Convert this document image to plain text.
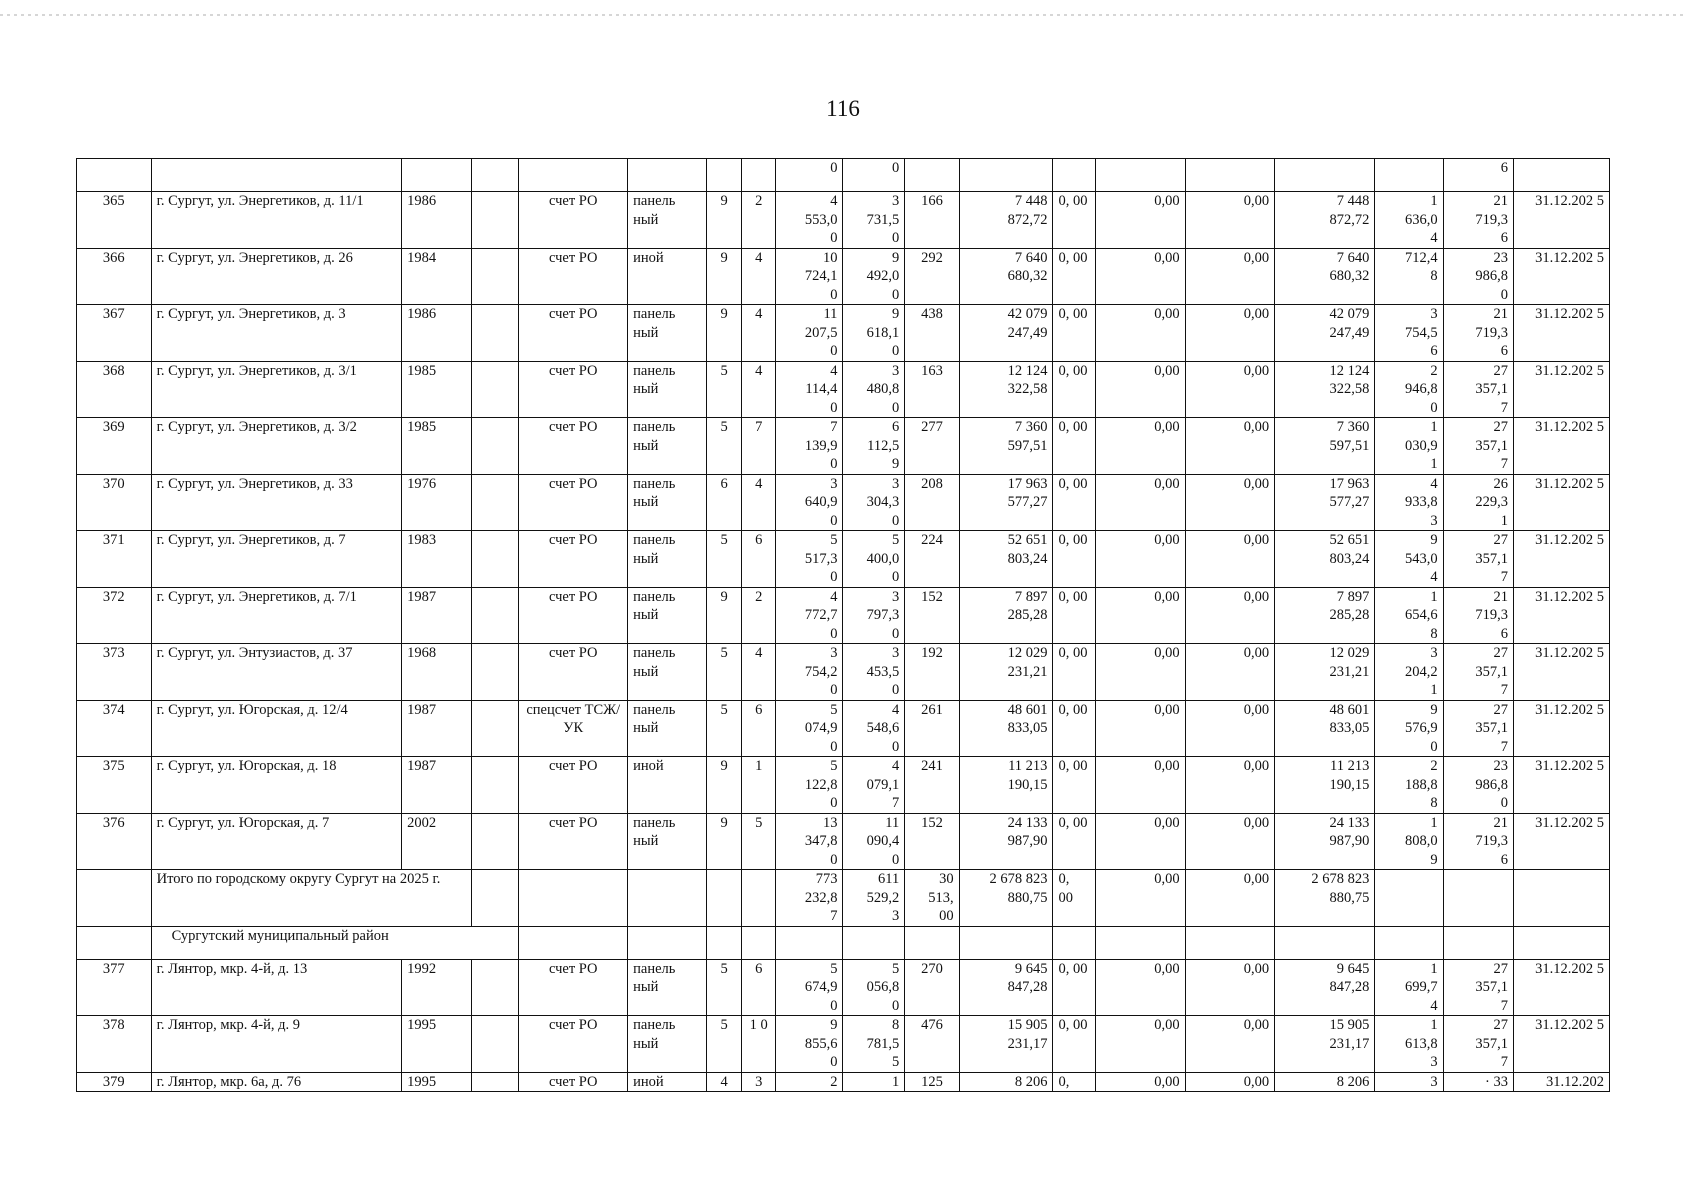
116
								0	0								6	
365	г. Сургут, ул. Энергетиков, д. 11/1	1986		счет РО	панель ный	9	2	4
553,0
0	3
731,5
0	166	7 448
872,72	0, 00	0,00	0,00	7 448
872,72	1
636,0
4	21
719,3
6	31.12.202 5
366	г. Сургут, ул. Энергетиков, д. 26	1984		счет РО	иной	9	4	10
724,1
0	9
492,0
0	292	7 640
680,32	0, 00	0,00	0,00	7 640
680,32	712,4
8	23
986,8
0	31.12.202 5
367	г. Сургут, ул. Энергетиков, д. 3	1986		счет РО	панель ный	9	4	11
207,5
0	9
618,1
0	438	42 079
247,49	0, 00	0,00	0,00	42 079
247,49	3
754,5
6	21
719,3
6	31.12.202 5
368	г. Сургут, ул. Энергетиков, д. 3/1	1985		счет РО	панель ный	5	4	4
114,4
0	3
480,8
0	163	12 124
322,58	0, 00	0,00	0,00	12 124
322,58	2
946,8
0	27
357,1
7	31.12.202 5
369	г. Сургут, ул. Энергетиков, д. 3/2	1985		счет РО	панель ный	5	7	7
139,9
0	6
112,5
9	277	7 360
597,51	0, 00	0,00	0,00	7 360
597,51	1
030,9
1	27
357,1
7	31.12.202 5
370	г. Сургут, ул. Энергетиков, д. 33	1976		счет РО	панель ный	6	4	3
640,9
0	3
304,3
0	208	17 963
577,27	0, 00	0,00	0,00	17 963
577,27	4
933,8
3	26
229,3
1	31.12.202 5
371	г. Сургут, ул. Энергетиков, д. 7	1983		счет РО	панель ный	5	6	5
517,3
0	5
400,0
0	224	52 651
803,24	0, 00	0,00	0,00	52 651
803,24	9
543,0
4	27
357,1
7	31.12.202 5
372	г. Сургут, ул. Энергетиков, д. 7/1	1987		счет РО	панель ный	9	2	4
772,7
0	3
797,3
0	152	7 897
285,28	0, 00	0,00	0,00	7 897
285,28	1
654,6
8	21
719,3
6	31.12.202 5
373	г. Сургут, ул. Энтузиастов, д. 37	1968		счет РО	панель ный	5	4	3
754,2
0	3
453,5
0	192	12 029
231,21	0, 00	0,00	0,00	12 029
231,21	3
204,2
1	27
357,1
7	31.12.202 5
374	г. Сургут, ул. Югорская, д. 12/4	1987		спецсчет ТСЖ/УК	панель ный	5	6	5
074,9
0	4
548,6
0	261	48 601
833,05	0, 00	0,00	0,00	48 601
833,05	9
576,9
0	27
357,1
7	31.12.202 5
375	г. Сургут, ул. Югорская, д. 18	1987		счет РО	иной	9	1	5
122,8
0	4
079,1
7	241	11 213
190,15	0, 00	0,00	0,00	11 213
190,15	2
188,8
8	23
986,8
0	31.12.202 5
376	г. Сургут, ул. Югорская, д. 7	2002		счет РО	панель ный	9	5	13
347,8
0	11
090,4
0	152	24 133
987,90	0, 00	0,00	0,00	24 133
987,90	1
808,0
9	21
719,3
6	31.12.202 5
	Итого по городскому округу Сургут на 2025 г.							773
232,8
7	611
529,2
3	30
513,
00	2 678 823
880,75	0,
00	0,00	0,00	2 678 823
880,75			
	Сургутский муниципальный район																	
377	г. Лянтор, мкр. 4-й, д. 13	1992		счет РО	панель ный	5	6	5
674,9
0	5
056,8
0	270	9 645
847,28	0, 00	0,00	0,00	9 645
847,28	1
699,7
4	27
357,1
7	31.12.202 5
378	г. Лянтор, мкр. 4-й, д. 9	1995		счет РО	панель ный	5	1 0	9
855,6
0	8
781,5
5	476	15 905
231,17	0, 00	0,00	0,00	15 905
231,17	1
613,8
3	27
357,1
7	31.12.202 5
379	г. Лянтор, мкр. 6а, д. 76	1995		счет РО	иной	4	3	2	1	125	8 206	0,	0,00	0,00	8 206	3	· 33	31.12.202
